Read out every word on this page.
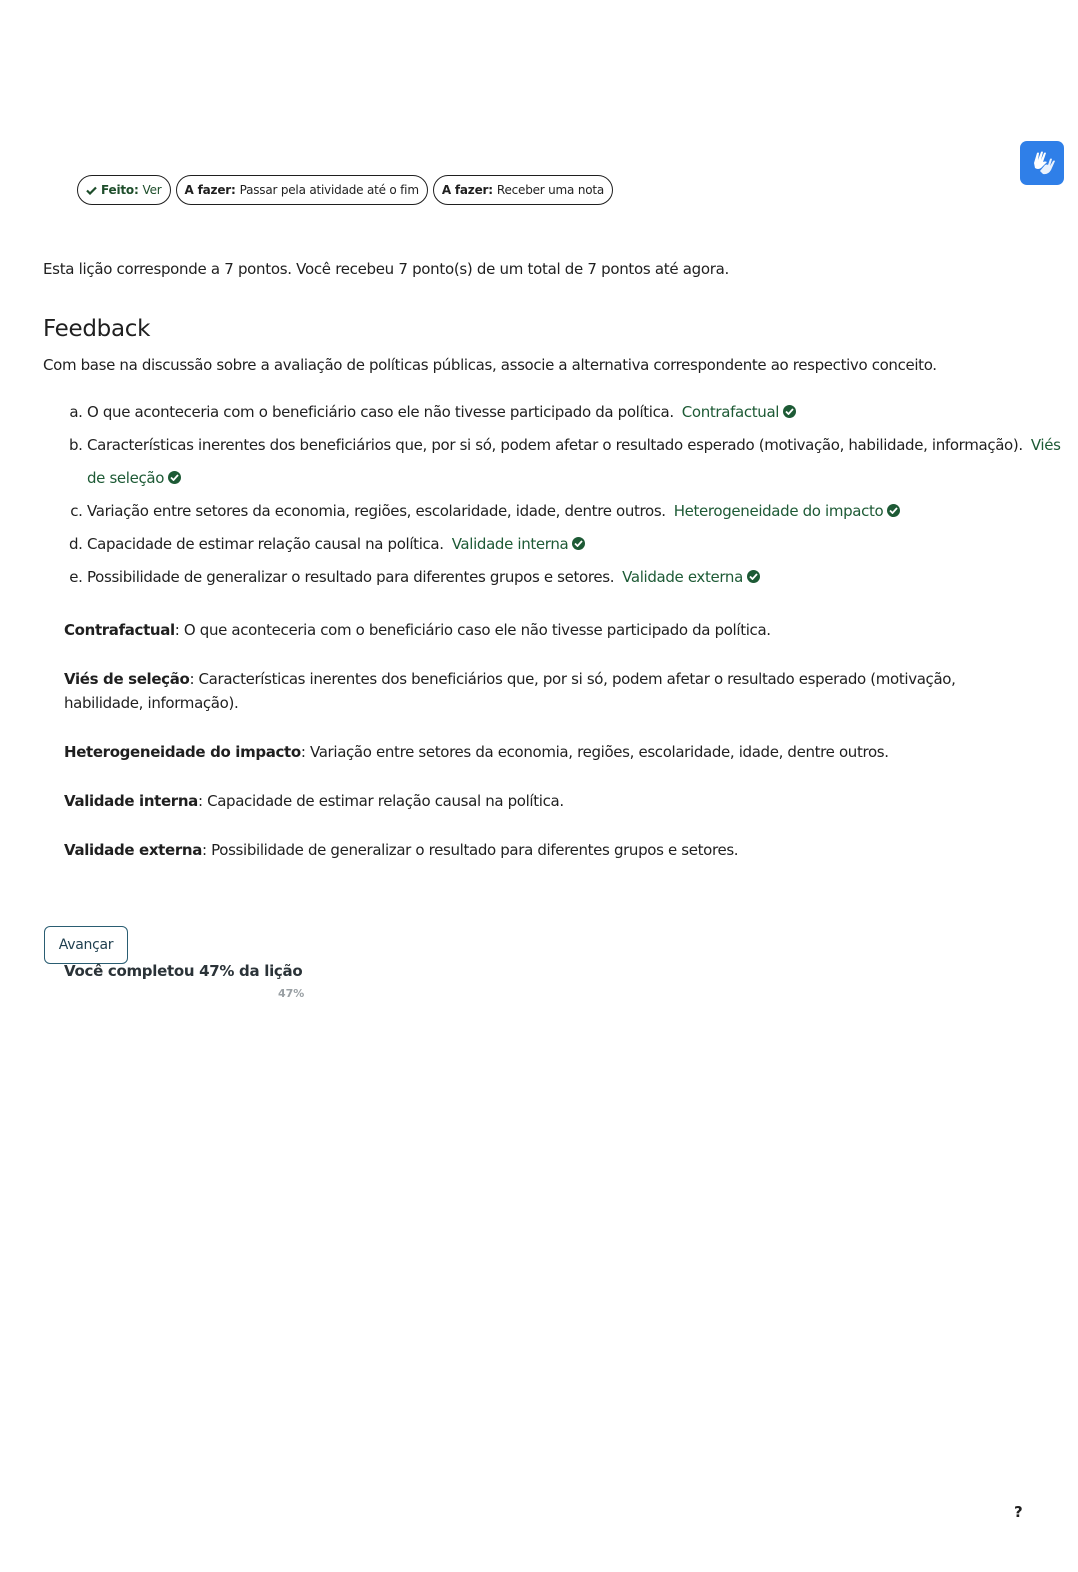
Feito: Ver A fazer: Passar pela atividade até o fim A fazer: Receber uma nota
Esta lição corresponde a 7 pontos. Você recebeu 7 ponto(s) de um total de 7 pontos até agora.
Feedback
Com base na discussão sobre a avaliação de políticas públicas, associe a alternativa correspondente ao respectivo conceito.
a. O que aconteceria com o beneficiário caso ele não tivesse participado da política. Contrafactual
b. Características inerentes dos beneficiários que, por si só, podem afetar o resultado esperado (motivação, habilidade, informação). Viés de seleção
c. Variação entre setores da economia, regiões, escolaridade, idade, dentre outros. Heterogeneidade do impacto
d. Capacidade de estimar relação causal na política. Validade interna
e. Possibilidade de generalizar o resultado para diferentes grupos e setores. Validade externa

Contrafactual: O que aconteceria com o beneficiário caso ele não tivesse participado da política.

Viés de seleção: Características inerentes dos beneficiários que, por si só, podem afetar o resultado esperado (motivação, habilidade, informação).

Heterogeneidade do impacto: Variação entre setores da economia, regiões, escolaridade, idade, dentre outros.

Validade interna: Capacidade de estimar relação causal na política.

Validade externa: Possibilidade de generalizar o resultado para diferentes grupos e setores.

Avançar
Você completou 47% da lição
47%
?
